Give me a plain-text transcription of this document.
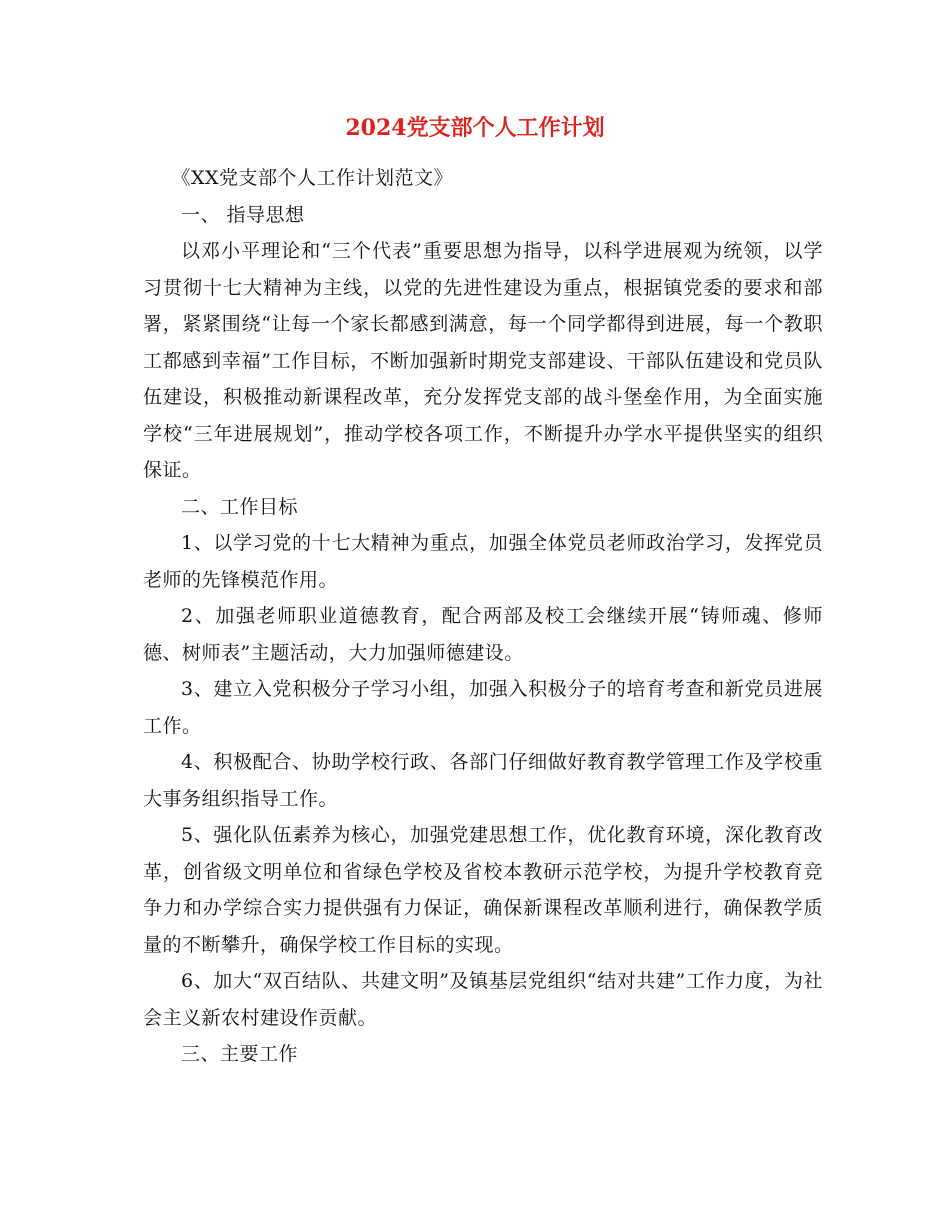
2024党支部个人工作计划

《XX党支部个人工作计划范文》

一、 指导思想

以邓小平理论和“三个代表”重要思想为指导，以科学进展观为统领，以学习贯彻十七大精神为主线，以党的先进性建设为重点，根据镇党委的要求和部署，紧紧围绕“让每一个家长都感到满意，每一个同学都得到进展，每一个教职工都感到幸福”工作目标，不断加强新时期党支部建设、干部队伍建设和党员队伍建设，积极推动新课程改革，充分发挥党支部的战斗堡垒作用，为全面实施学校“三年进展规划”，推动学校各项工作，不断提升办学水平提供坚实的组织保证。

二、工作目标

1、以学习党的十七大精神为重点，加强全体党员老师政治学习，发挥党员老师的先锋模范作用。

2、加强老师职业道德教育，配合两部及校工会继续开展“铸师魂、修师德、树师表”主题活动，大力加强师德建设。

3、建立入党积极分子学习小组，加强入积极分子的培育考查和新党员进展工作。

4、积极配合、协助学校行政、各部门仔细做好教育教学管理工作及学校重大事务组织指导工作。

5、强化队伍素养为核心，加强党建思想工作，优化教育环境，深化教育改革，创省级文明单位和省绿色学校及省校本教研示范学校，为提升学校教育竞争力和办学综合实力提供强有力保证，确保新课程改革顺利进行，确保教学质量的不断攀升，确保学校工作目标的实现。

6、加大“双百结队、共建文明”及镇基层党组织“结对共建”工作力度，为社会主义新农村建设作贡献。

三、主要工作
